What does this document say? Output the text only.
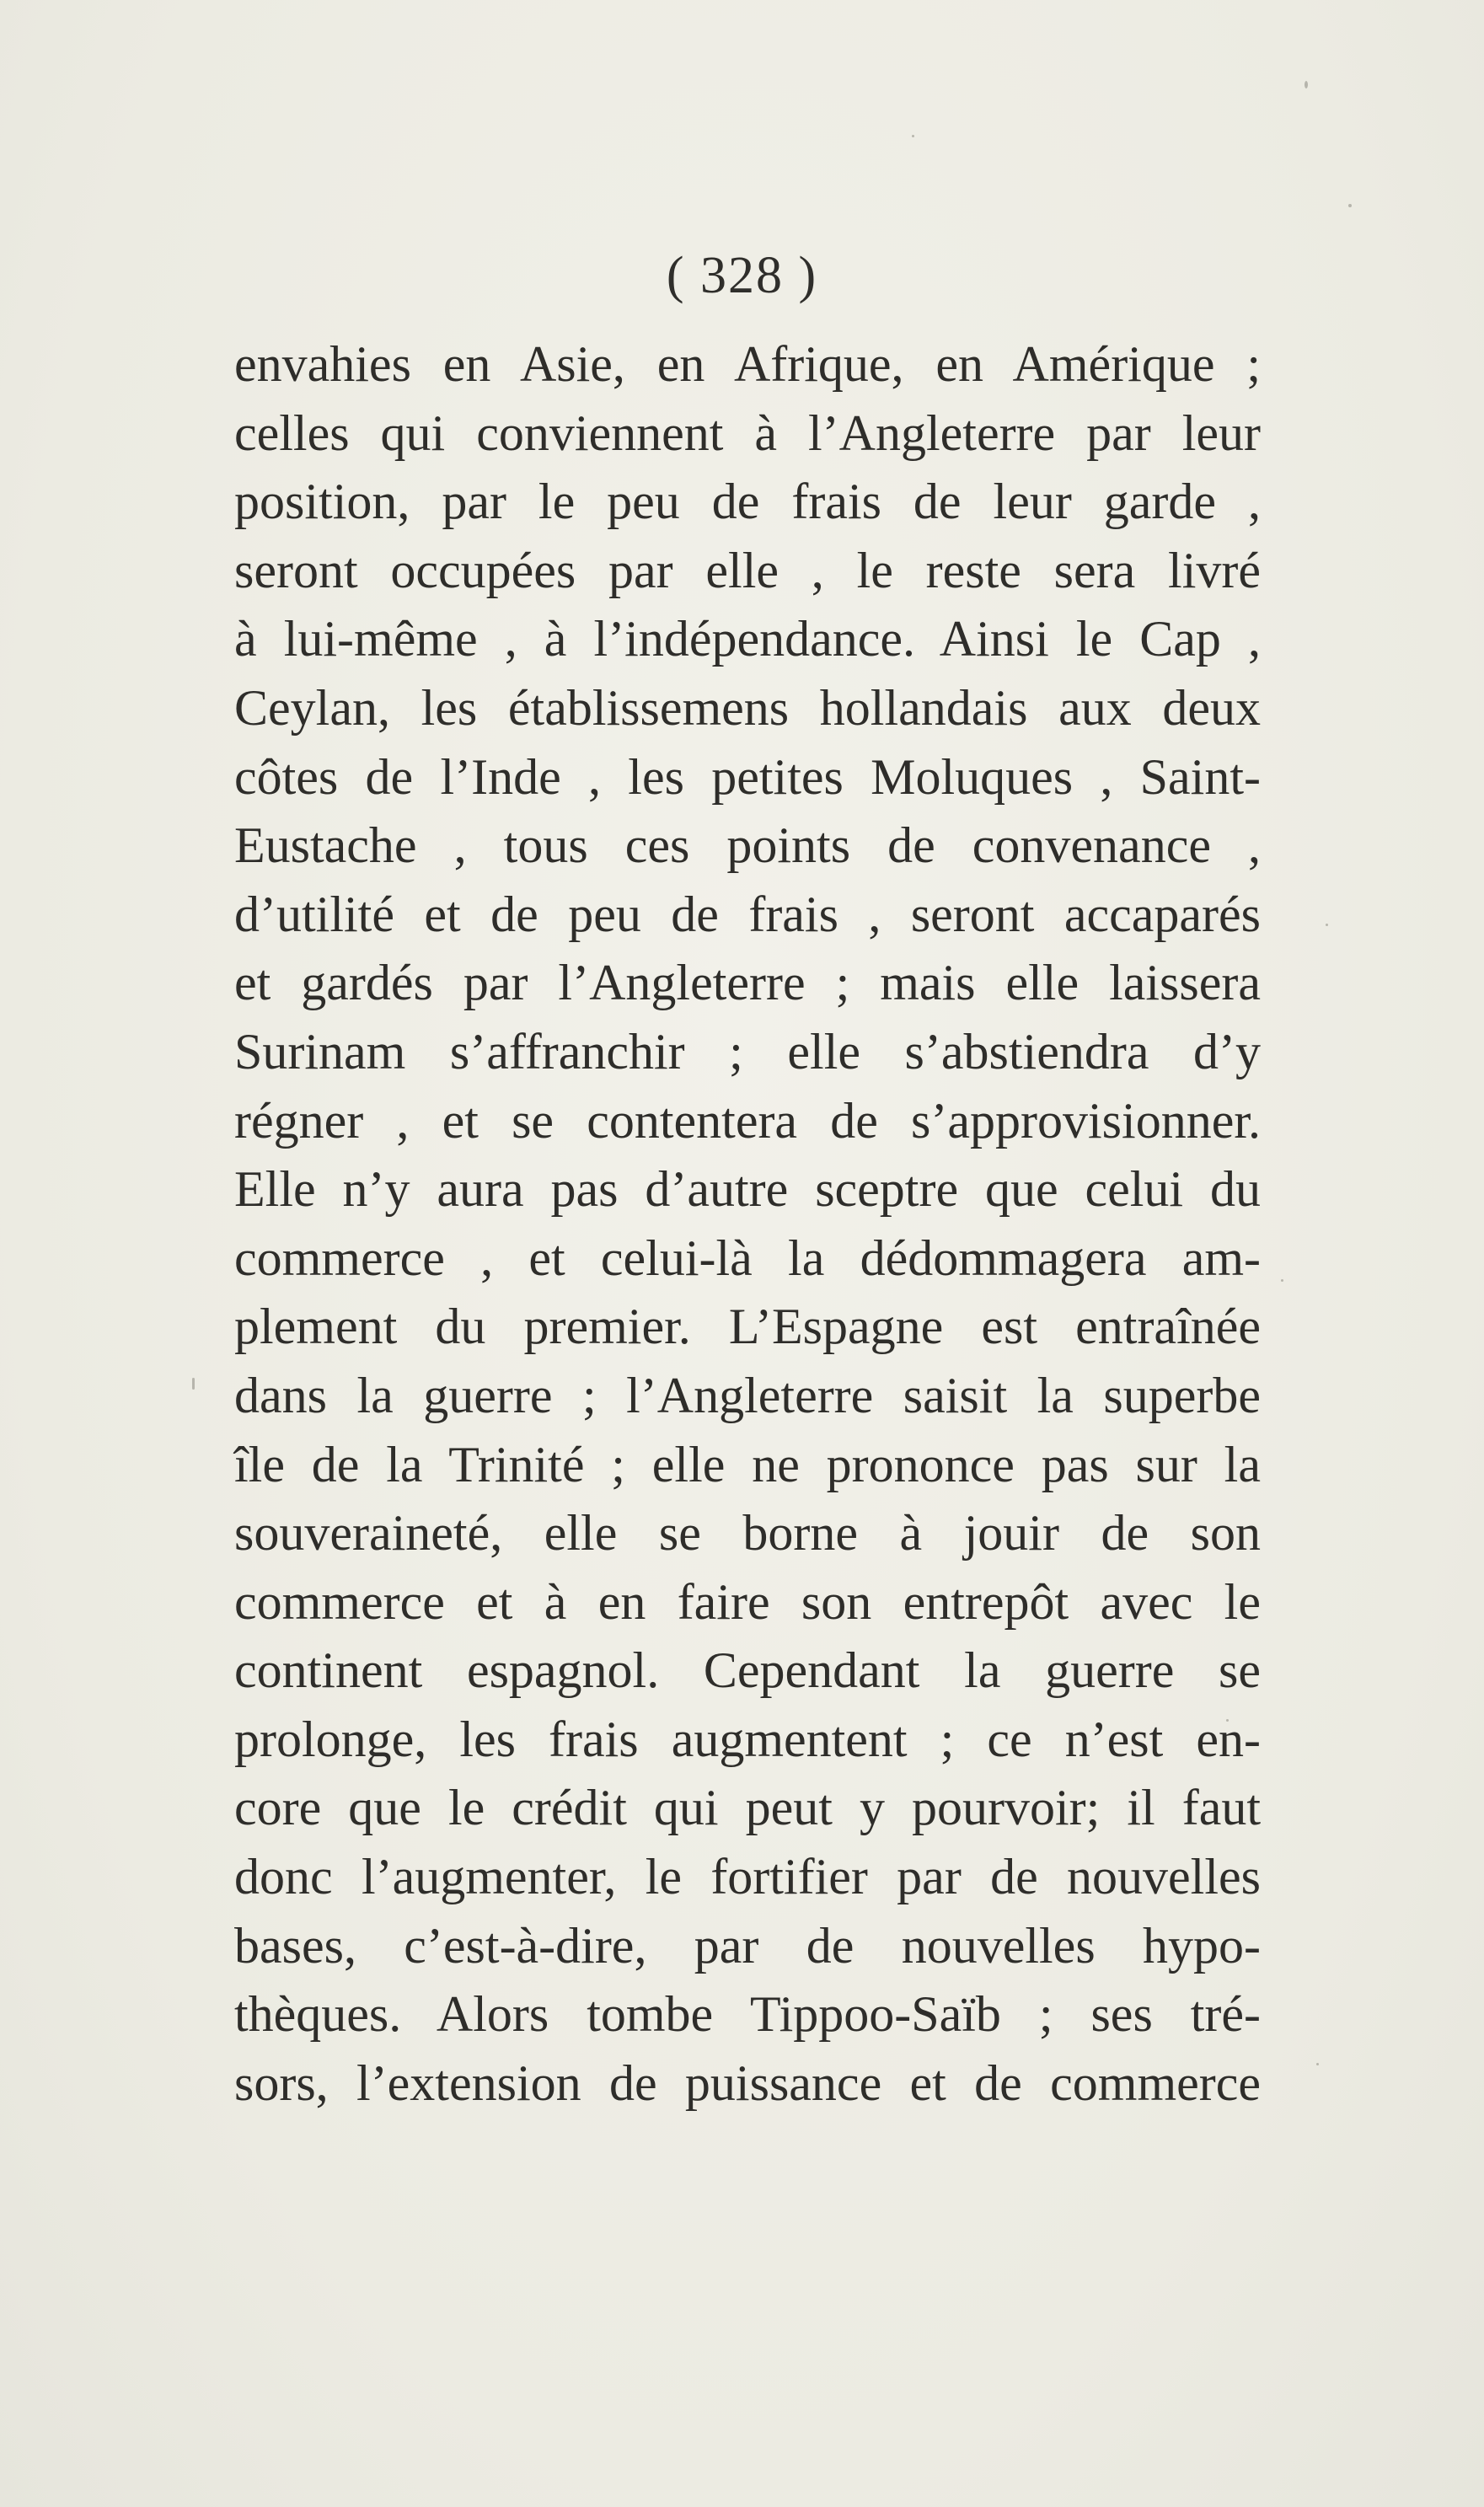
( 328 )
envahies en Asie, en Afrique, en Amérique ;
celles qui conviennent à l’Angleterre par leur
position, par le peu de frais de leur garde ,
seront occupées par elle , le reste sera livré
à lui-même , à l’indépendance. Ainsi le Cap ,
Ceylan, les établissemens hollandais aux deux
côtes de l’Inde , les petites Moluques , Saint-
Eustache , tous ces points de convenance ,
d’utilité et de peu de frais , seront accaparés
et gardés par l’Angleterre ; mais elle laissera
Surinam s’affranchir ; elle s’abstiendra d’y
régner , et se contentera de s’approvisionner.
Elle n’y aura pas d’autre sceptre que celui du
commerce , et celui-là la dédommagera am-
plement du premier. L’Espagne est entraînée
dans la guerre ; l’Angleterre saisit la superbe
île de la Trinité ; elle ne prononce pas sur la
souveraineté, elle se borne à jouir de son
commerce et à en faire son entrepôt avec le
continent espagnol. Cependant la guerre se
prolonge, les frais augmentent ; ce n’est en-
core que le crédit qui peut y pourvoir; il faut
donc l’augmenter, le fortifier par de nouvelles
bases, c’est-à-dire, par de nouvelles hypo-
thèques. Alors tombe Tippoo-Saïb ; ses tré-
sors, l’extension de puissance et de commerce
